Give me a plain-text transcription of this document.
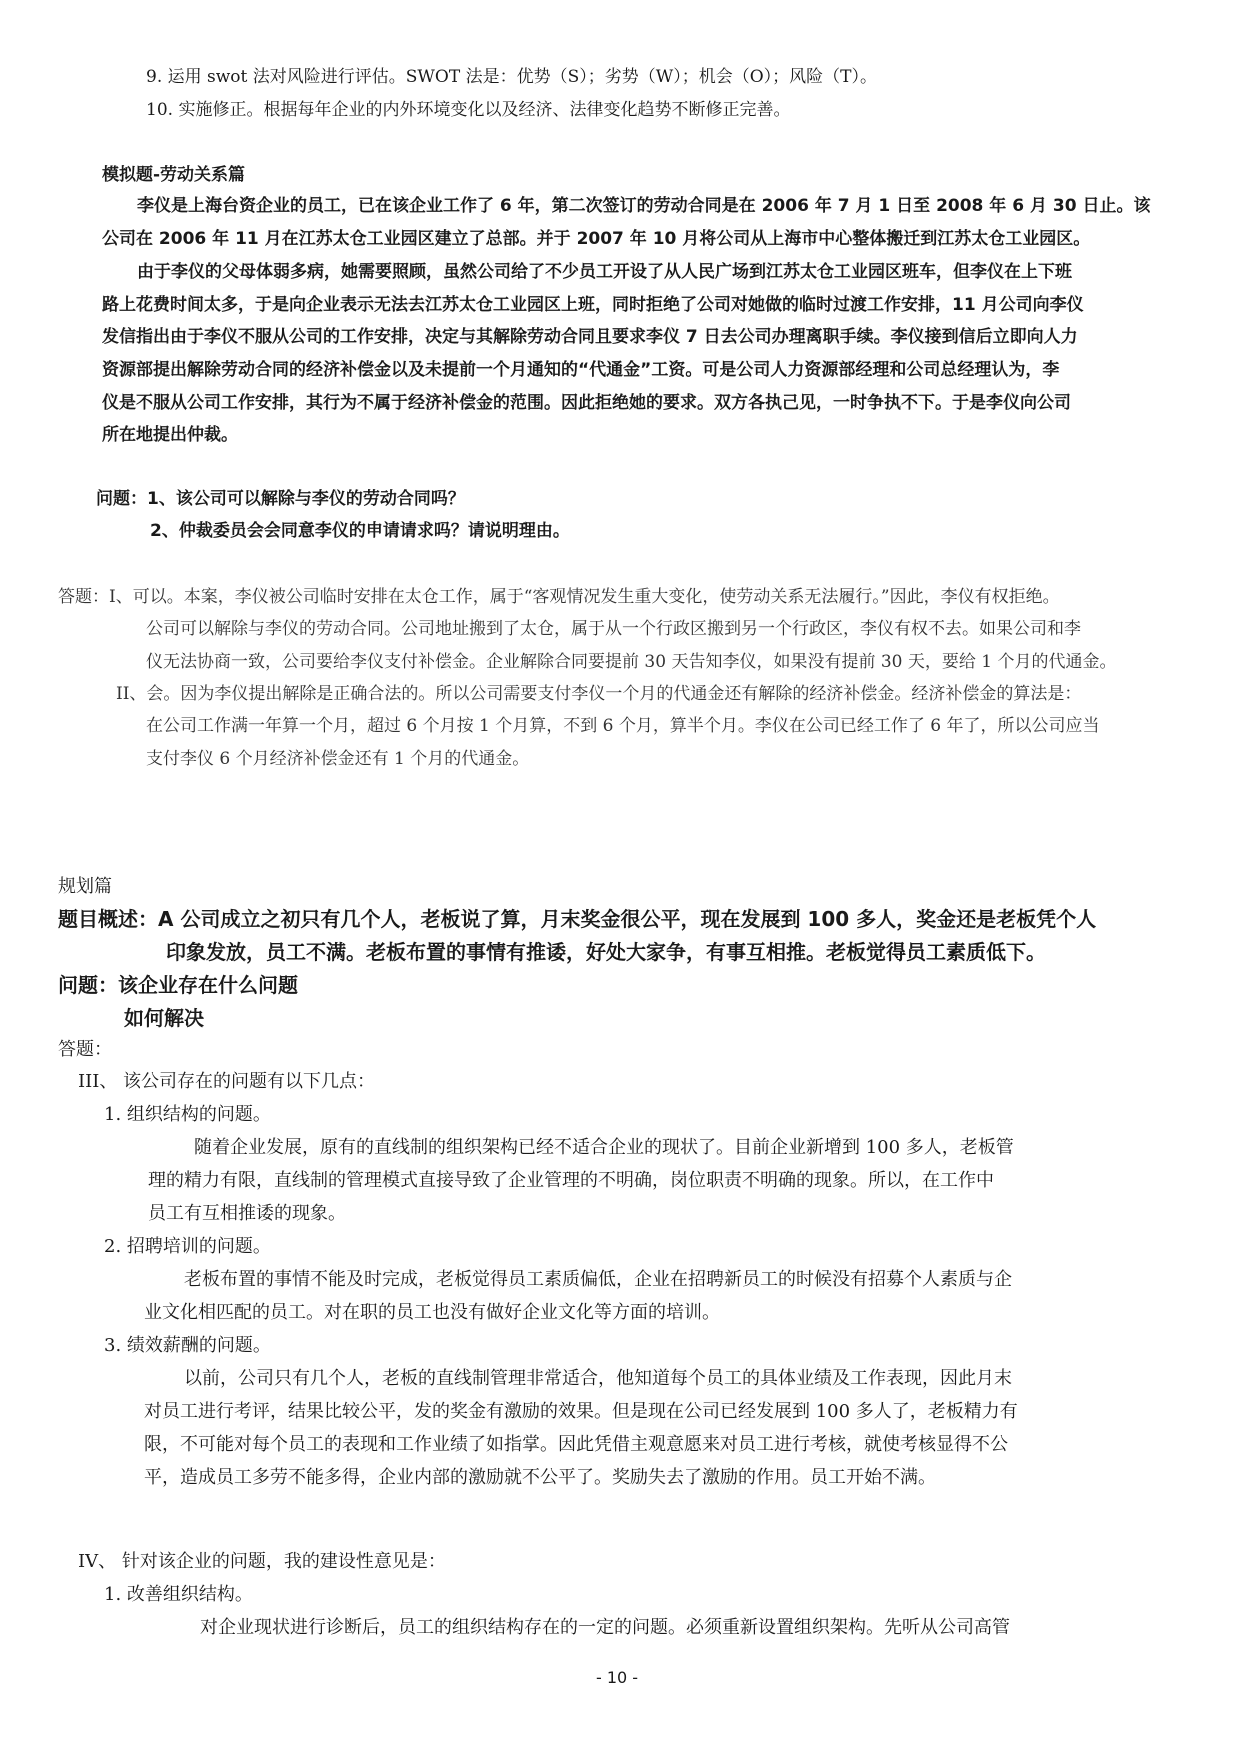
9. 运用 swot 法对风险进行评估。SWOT 法是：优势（S）；劣势（W）；机会（O）；风险（T）。
10. 实施修正。根据每年企业的内外环境变化以及经济、法律变化趋势不断修正完善。
模拟题-劳动关系篇
李仪是上海台资企业的员工，已在该企业工作了 6 年，第二次签订的劳动合同是在 2006 年 7 月 1 日至 2008 年 6 月 30 日止。该
公司在 2006 年 11 月在江苏太仓工业园区建立了总部。并于 2007 年 10 月将公司从上海市中心整体搬迁到江苏太仓工业园区。
由于李仪的父母体弱多病，她需要照顾，虽然公司给了不少员工开设了从人民广场到江苏太仓工业园区班车，但李仪在上下班
路上花费时间太多，于是向企业表示无法去江苏太仓工业园区上班，同时拒绝了公司对她做的临时过渡工作安排，11 月公司向李仪
发信指出由于李仪不服从公司的工作安排，决定与其解除劳动合同且要求李仪 7 日去公司办理离职手续。李仪接到信后立即向人力
资源部提出解除劳动合同的经济补偿金以及未提前一个月通知的“代通金”工资。可是公司人力资源部经理和公司总经理认为，李
仪是不服从公司工作安排，其行为不属于经济补偿金的范围。因此拒绝她的要求。双方各执己见，一时争执不下。于是李仪向公司
所在地提出仲裁。
问题：1、该公司可以解除与李仪的劳动合同吗？
2、仲裁委员会会同意李仪的申请请求吗？请说明理由。
答题：I、可以。本案，李仪被公司临时安排在太仓工作，属于“客观情况发生重大变化，使劳动关系无法履行。”因此，李仪有权拒绝。
公司可以解除与李仪的劳动合同。公司地址搬到了太仓，属于从一个行政区搬到另一个行政区，李仪有权不去。如果公司和李
仪无法协商一致，公司要给李仪支付补偿金。企业解除合同要提前 30 天告知李仪，如果没有提前 30 天，要给 1 个月的代通金。
II、会。因为李仪提出解除是正确合法的。所以公司需要支付李仪一个月的代通金还有解除的经济补偿金。经济补偿金的算法是：
在公司工作满一年算一个月，超过 6 个月按 1 个月算，不到 6 个月，算半个月。李仪在公司已经工作了 6 年了，所以公司应当
支付李仪 6 个月经济补偿金还有 1 个月的代通金。
规划篇
题目概述：A 公司成立之初只有几个人，老板说了算，月末奖金很公平，现在发展到 100 多人，奖金还是老板凭个人
印象发放，员工不满。老板布置的事情有推诿，好处大家争，有事互相推。老板觉得员工素质低下。
问题：该企业存在什么问题
如何解决
答题：
III、 该公司存在的问题有以下几点：
1. 组织结构的问题。
随着企业发展，原有的直线制的组织架构已经不适合企业的现状了。目前企业新增到 100 多人，老板管
理的精力有限，直线制的管理模式直接导致了企业管理的不明确，岗位职责不明确的现象。所以，在工作中
员工有互相推诿的现象。
2. 招聘培训的问题。
老板布置的事情不能及时完成，老板觉得员工素质偏低，企业在招聘新员工的时候没有招募个人素质与企
业文化相匹配的员工。对在职的员工也没有做好企业文化等方面的培训。
3. 绩效薪酬的问题。
以前，公司只有几个人，老板的直线制管理非常适合，他知道每个员工的具体业绩及工作表现，因此月末
对员工进行考评，结果比较公平，发的奖金有激励的效果。但是现在公司已经发展到 100 多人了，老板精力有
限，不可能对每个员工的表现和工作业绩了如指掌。因此凭借主观意愿来对员工进行考核，就使考核显得不公
平，造成员工多劳不能多得，企业内部的激励就不公平了。奖励失去了激励的作用。员工开始不满。
IV、 针对该企业的问题，我的建设性意见是：
1. 改善组织结构。
对企业现状进行诊断后，员工的组织结构存在的一定的问题。必须重新设置组织架构。先听从公司高管
- 10 -
